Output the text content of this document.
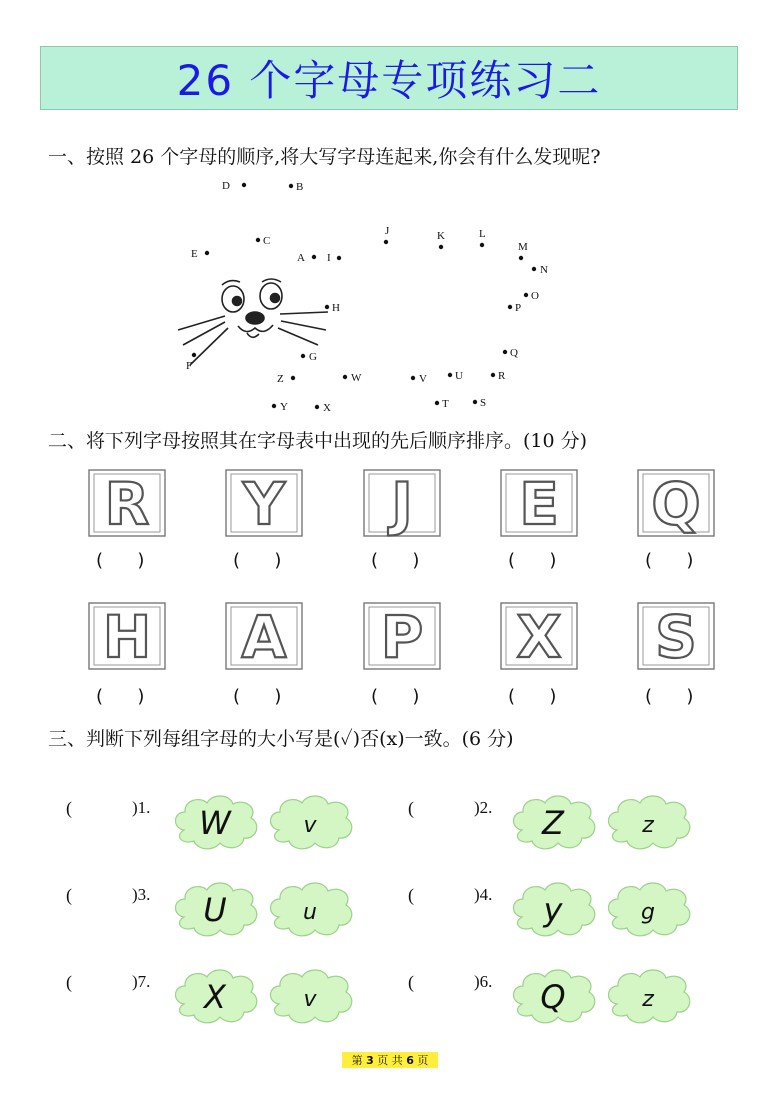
26 个字母专项练习二
一、按照 26 个字母的顺序,将大写字母连起来,你会有什么发现呢?
二、将下列字母按照其在字母表中出现的先后顺序排序。(10 分)
三、判断下列每组字母的大小写是(✓)否(x)一致。(6 分)
A
B
C
D
E
F
G
H
I
J	K	L
M
N
O
P
Q
R
S
T
U
V
W
X
Y
Z
R
(      )
Y
(      )
J
(      )
E
(      )
Q
(      )
H
(      )
A
(      )
P
(      )
X
(      )
S
(      )
(	)1. W	v
(	)2. Z	z
(	)3. U	u
(	)4. y	g
(	)7. X	v
(	)6. Q	z
第
3
页 共
6
页
